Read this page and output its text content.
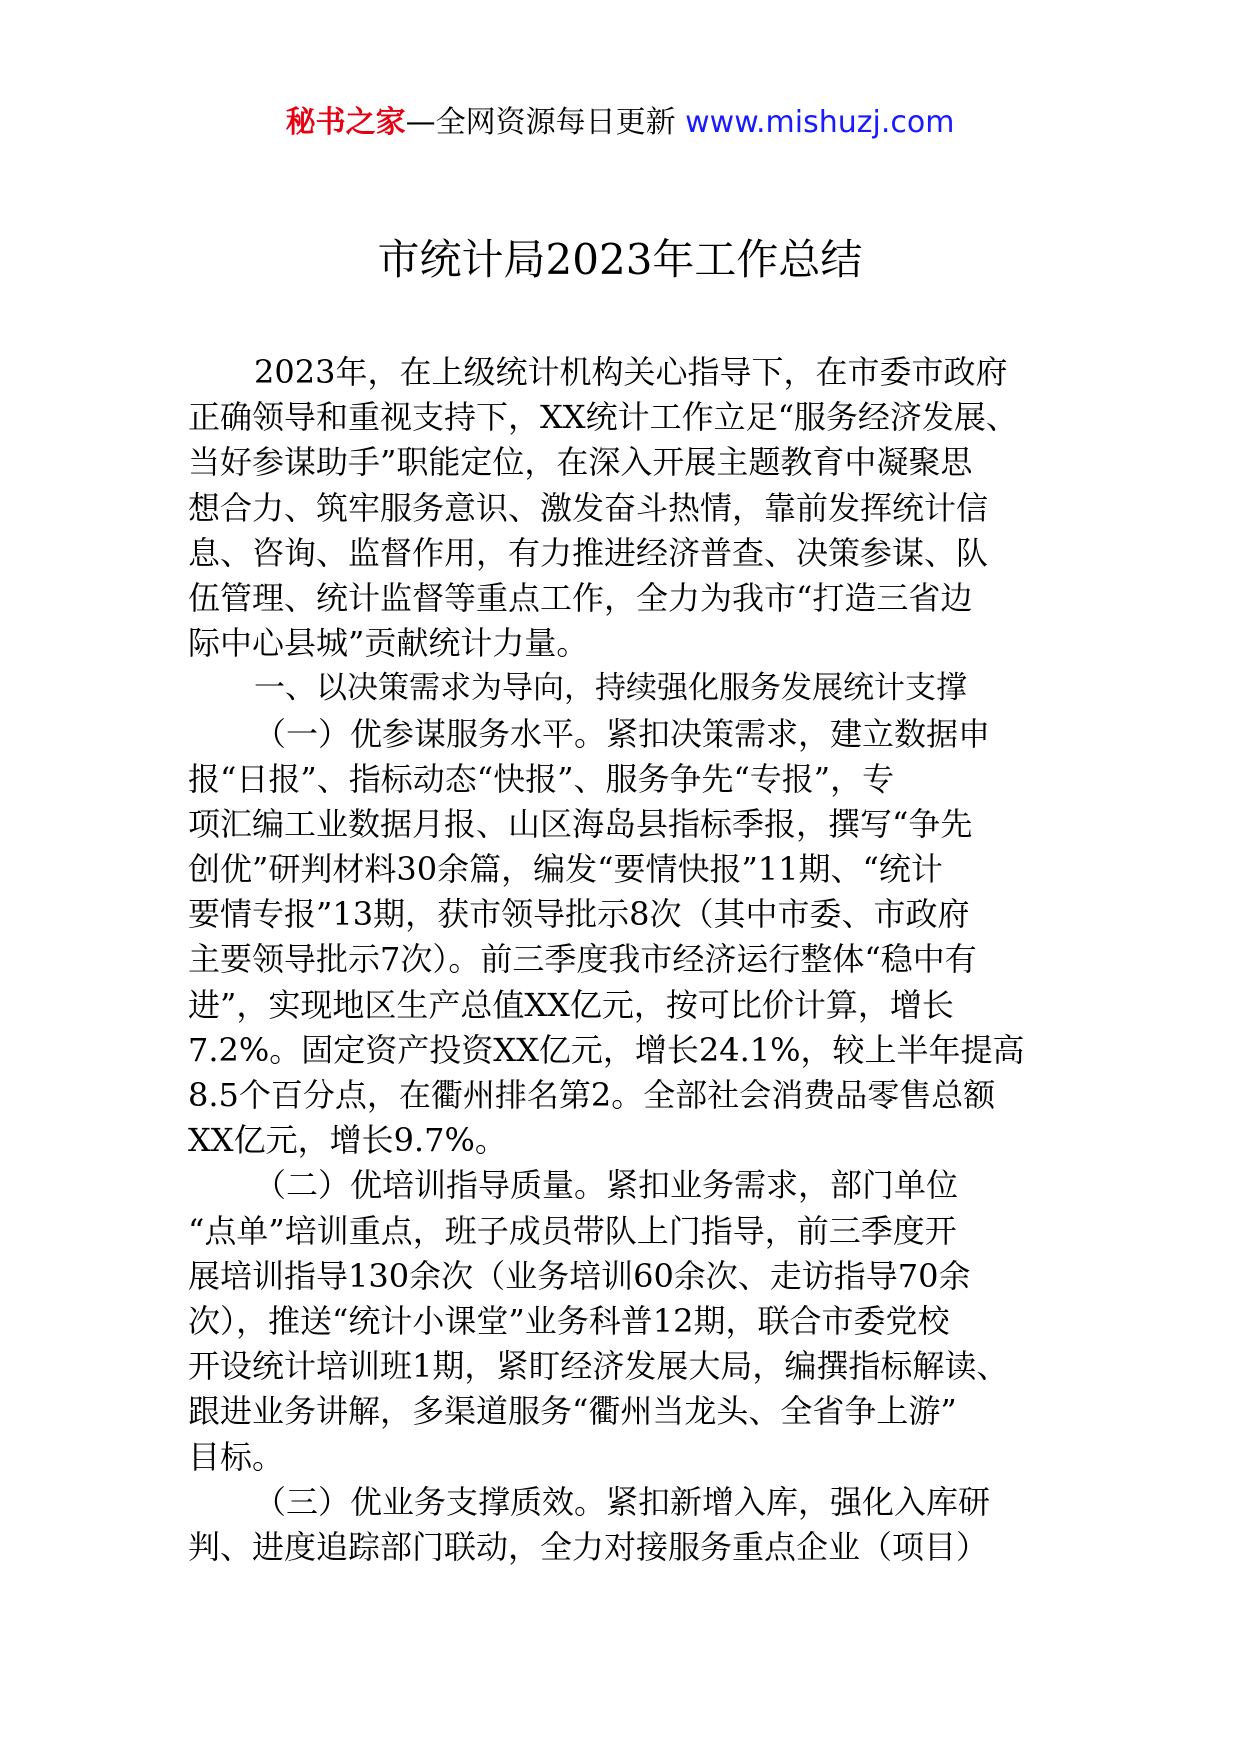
秘书之家—全网资源每日更新 www.mishuzj.com
市统计局2023年工作总结
2023年，在上级统计机构关心指导下，在市委市政府
正确领导和重视支持下，XX统计工作立足“服务经济发展、
当好参谋助手”职能定位，在深入开展主题教育中凝聚思
想合力、筑牢服务意识、激发奋斗热情，靠前发挥统计信
息、咨询、监督作用，有力推进经济普查、决策参谋、队
伍管理、统计监督等重点工作，全力为我市“打造三省边
际中心县城”贡献统计力量。
一、以决策需求为导向，持续强化服务发展统计支撑
（一）优参谋服务水平。紧扣决策需求，建立数据申
报“日报”、指标动态“快报”、服务争先“专报”，专
项汇编工业数据月报、山区海岛县指标季报，撰写“争先
创优”研判材料30余篇，编发“要情快报”11期、“统计
要情专报”13期，获市领导批示8次（其中市委、市政府
主要领导批示7次）。前三季度我市经济运行整体“稳中有
进”，实现地区生产总值XX亿元，按可比价计算，增长
7.2%。固定资产投资XX亿元，增长24.1%，较上半年提高
8.5个百分点，在衢州排名第2。全部社会消费品零售总额
XX亿元，增长9.7%。
（二）优培训指导质量。紧扣业务需求，部门单位
“点单”培训重点，班子成员带队上门指导，前三季度开
展培训指导130余次（业务培训60余次、走访指导70余
次），推送“统计小课堂”业务科普12期，联合市委党校
开设统计培训班1期，紧盯经济发展大局，编撰指标解读、
跟进业务讲解，多渠道服务“衢州当龙头、全省争上游”
目标。
（三）优业务支撑质效。紧扣新增入库，强化入库研
判、进度追踪部门联动，全力对接服务重点企业（项目）
